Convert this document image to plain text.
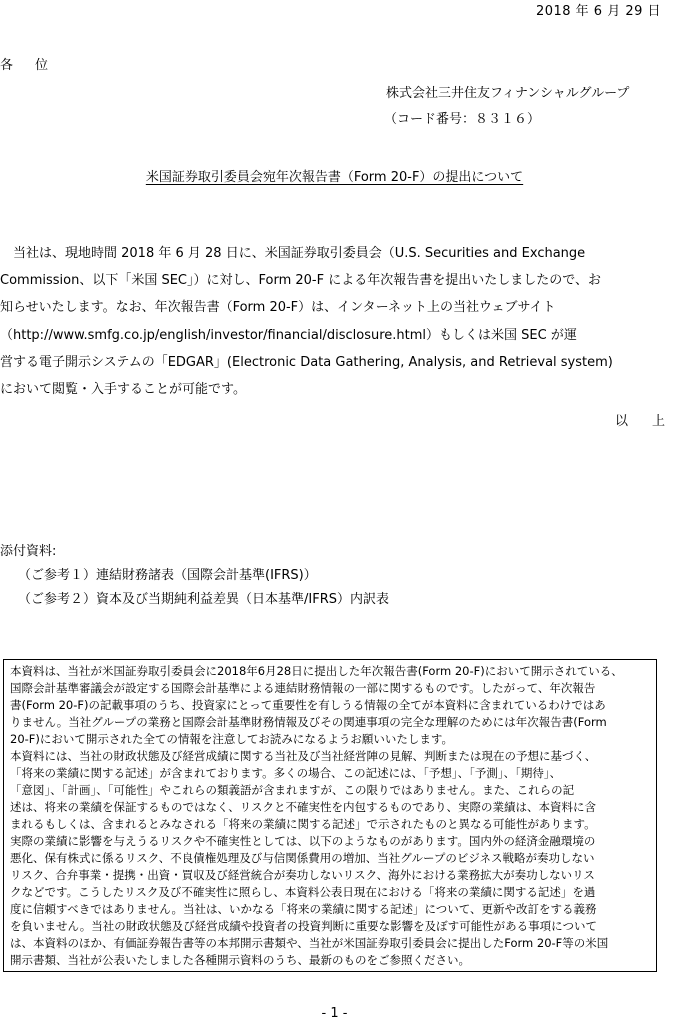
2018 年 6 月 29 日
各位
株式会社三井住友フィナンシャルグループ
（コード番号：８３１６）
米国証券取引委員会宛年次報告書（Form 20-F）の提出について
　当社は、現地時間 2018 年 6 月 28 日に、米国証券取引委員会（U.S. Securities and Exchange
Commission、以下「米国 SEC」）に対し、Form 20-F による年次報告書を提出いたしましたので、お
知らせいたします。なお、年次報告書（Form 20-F）は、インターネット上の当社ウェブサイト
（http://www.smfg.co.jp/english/investor/financial/disclosure.html）もしくは米国 SEC が運
営する電子開示システムの「EDGAR」(Electronic Data Gathering, Analysis, and Retrieval system)
において閲覧・入手することが可能です。
以上
添付資料:
（ご参考１）連結財務諸表（国際会計基準(IFRS)）
（ご参考２）資本及び当期純利益差異（日本基準/IFRS）内訳表
本資料は、当社が米国証券取引委員会に2018年6月28日に提出した年次報告書(Form 20-F)において開示されている、
国際会計基準審議会が設定する国際会計基準による連結財務情報の一部に関するものです。したがって、年次報告
書(Form 20-F)の記載事項のうち、投資家にとって重要性を有しうる情報の全てが本資料に含まれているわけではあ
りません。当社グループの業務と国際会計基準財務情報及びその関連事項の完全な理解のためには年次報告書(Form
20-F)において開示された全ての情報を注意してお読みになるようお願いいたします。
本資料には、当社の財政状態及び経営成績に関する当社及び当社経営陣の見解、判断または現在の予想に基づく、
「将来の業績に関する記述」が含まれております。多くの場合、この記述には、「予想」、「予測」、「期待」、
「意図」、「計画」、「可能性」やこれらの類義語が含まれますが、この限りではありません。また、これらの記
述は、将来の業績を保証するものではなく、リスクと不確実性を内包するものであり、実際の業績は、本資料に含
まれるもしくは、含まれるとみなされる「将来の業績に関する記述」で示されたものと異なる可能性があります。
実際の業績に影響を与えうるリスクや不確実性としては、以下のようなものがあります。国内外の経済金融環境の
悪化、保有株式に係るリスク、不良債権処理及び与信関係費用の増加、当社グループのビジネス戦略が奏功しない
リスク、合弁事業・提携・出資・買収及び経営統合が奏功しないリスク、海外における業務拡大が奏功しないリス
クなどです。こうしたリスク及び不確実性に照らし、本資料公表日現在における「将来の業績に関する記述」を過
度に信頼すべきではありません。当社は、いかなる「将来の業績に関する記述」について、更新や改訂をする義務
を負いません。当社の財政状態及び経営成績や投資者の投資判断に重要な影響を及ぼす可能性がある事項について
は、本資料のほか、有価証券報告書等の本邦開示書類や、当社が米国証券取引委員会に提出したForm 20-F等の米国
開示書類、当社が公表いたしました各種開示資料のうち、最新のものをご参照ください。
- 1 -
